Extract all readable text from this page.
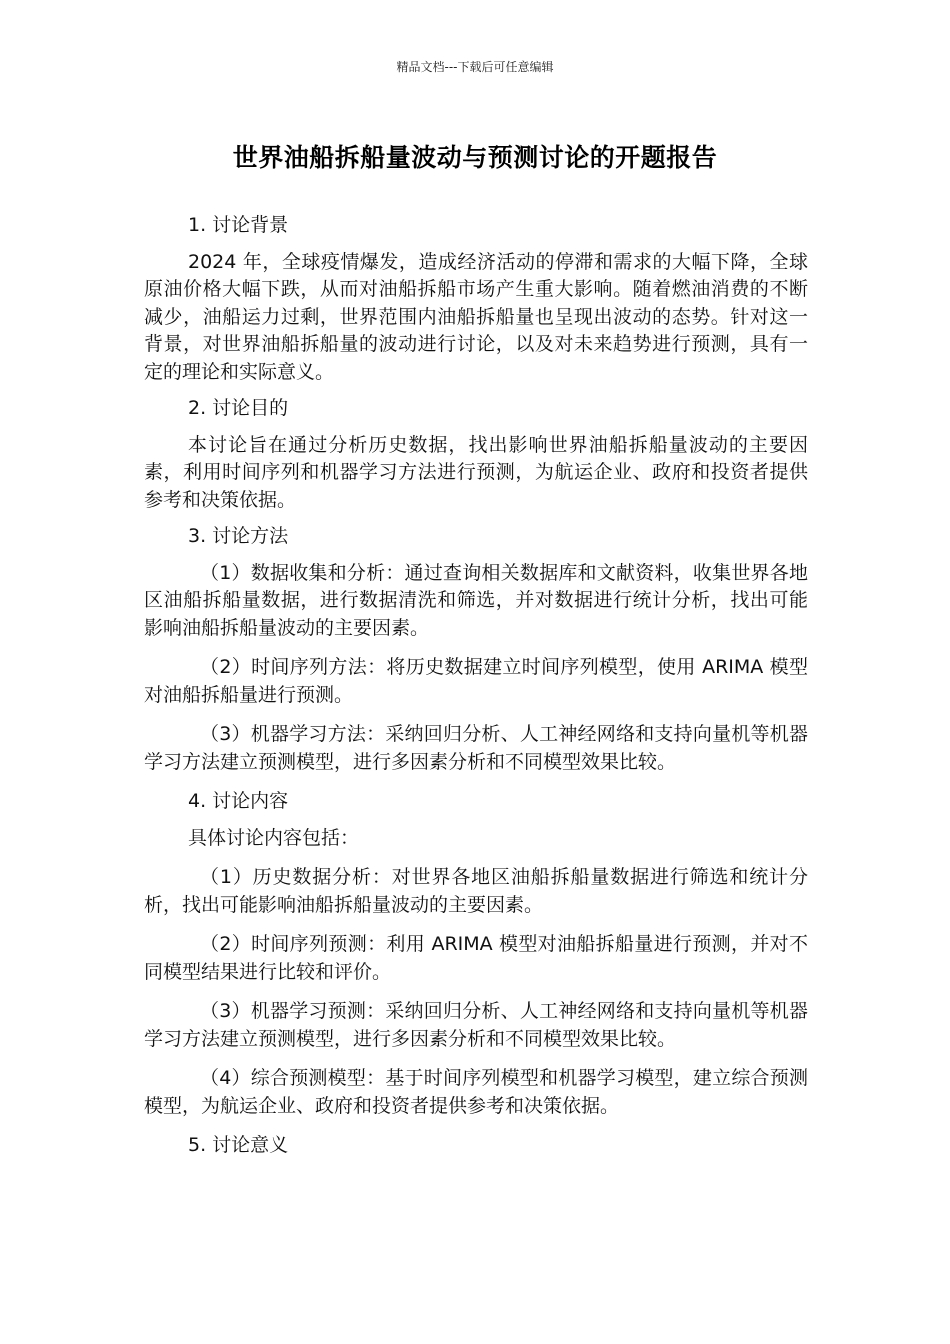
精品文档---下载后可任意编辑
世界油船拆船量波动与预测讨论的开题报告
1. 讨论背景
2024 年，全球疫情爆发，造成经济活动的停滞和需求的大幅下降，全球原油价格大幅下跌，从而对油船拆船市场产生重大影响。随着燃油消费的不断减少，油船运力过剩，世界范围内油船拆船量也呈现出波动的态势。针对这一背景，对世界油船拆船量的波动进行讨论，以及对未来趋势进行预测，具有一定的理论和实际意义。
2. 讨论目的
本讨论旨在通过分析历史数据，找出影响世界油船拆船量波动的主要因素，利用时间序列和机器学习方法进行预测，为航运企业、政府和投资者提供参考和决策依据。
3. 讨论方法
（1）数据收集和分析：通过查询相关数据库和文献资料，收集世界各地区油船拆船量数据，进行数据清洗和筛选，并对数据进行统计分析，找出可能影响油船拆船量波动的主要因素。
（2）时间序列方法：将历史数据建立时间序列模型，使用 ARIMA 模型对油船拆船量进行预测。
（3）机器学习方法：采纳回归分析、人工神经网络和支持向量机等机器学习方法建立预测模型，进行多因素分析和不同模型效果比较。
4. 讨论内容
具体讨论内容包括：
（1）历史数据分析：对世界各地区油船拆船量数据进行筛选和统计分析，找出可能影响油船拆船量波动的主要因素。
（2）时间序列预测：利用 ARIMA 模型对油船拆船量进行预测，并对不同模型结果进行比较和评价。
（3）机器学习预测：采纳回归分析、人工神经网络和支持向量机等机器学习方法建立预测模型，进行多因素分析和不同模型效果比较。
（4）综合预测模型：基于时间序列模型和机器学习模型，建立综合预测模型，为航运企业、政府和投资者提供参考和决策依据。
5. 讨论意义
